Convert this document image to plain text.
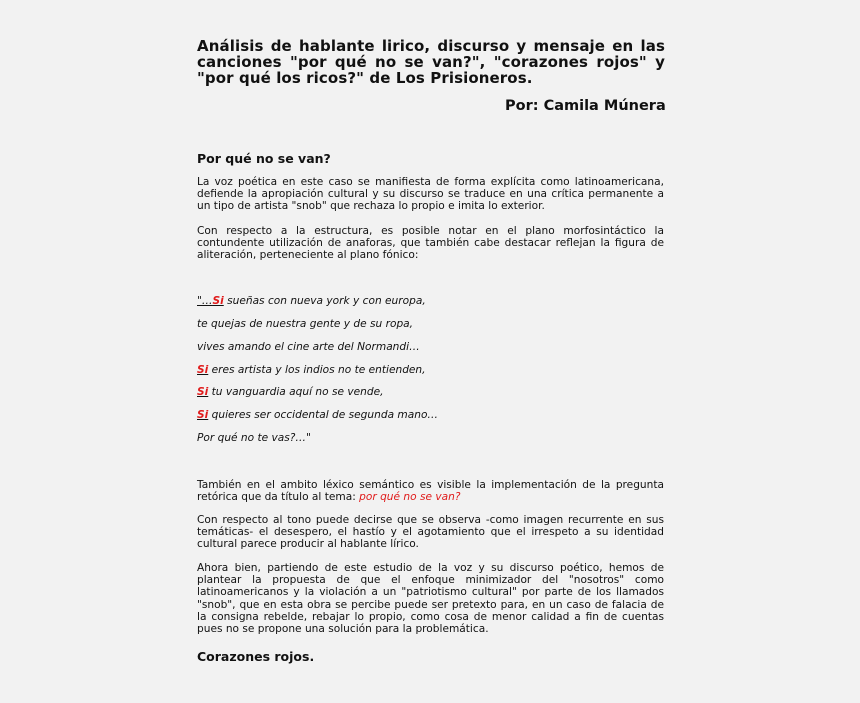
Análisis de hablante lirico, discurso y mensaje en las canciones "por qué no se van?", "corazones rojos" y "por qué los ricos?" de Los Prisioneros.
Por: Camila Múnera
Por qué no se van?
La voz poética en este caso se manifiesta de forma explícita como latinoamericana, defiende la apropiación cultural y su discurso se traduce en una crítica permanente a un tipo de artista "snob" que rechaza lo propio e imita lo exterior.
Con respecto a la estructura, es posible notar en el plano morfosintáctico la contundente utilización de anaforas, que también cabe destacar reflejan la figura de aliteración, perteneciente al plano fónico:
"…Si sueñas con nueva york y con europa,
te quejas de nuestra gente y de su ropa,
vives amando el cine arte del Normandi…
Si eres artista y los indios no te entienden,
Si tu vanguardia aquí no se vende,
Si quieres ser occidental de segunda mano…
Por qué no te vas?…"
También en el ambito léxico semántico es visible la implementación de la pregunta retórica que da título al tema: por qué no se van?
Con respecto al tono puede decirse que se observa -como imagen recurrente en sus temáticas- el desespero, el hastío y el agotamiento que el irrespeto a su identidad cultural parece producir al hablante lírico.
Ahora bien, partiendo de este estudio de la voz y su discurso poético, hemos de plantear la propuesta de que el enfoque minimizador del "nosotros" como latinoamericanos y la violación a un "patriotismo cultural" por parte de los llamados "snob", que en esta obra se percibe puede ser pretexto para, en un caso de falacia de la consigna rebelde, rebajar lo propio, como cosa de menor calidad a fin de cuentas pues no se propone una solución para la problemática.
Corazones rojos.
